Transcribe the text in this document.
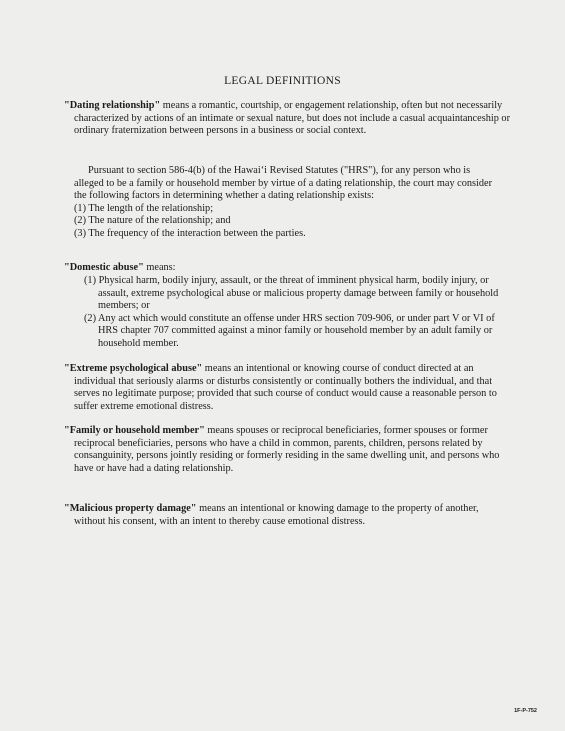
LEGAL DEFINITIONS
"Dating relationship" means a romantic, courtship, or engagement relationship, often but not necessarily characterized by actions of an intimate or sexual nature, but does not include a casual acquaintanceship or ordinary fraternization between persons in a business or social context.
Pursuant to section 586-4(b) of the Hawaiʻi Revised Statutes ("HRS"), for any person who is alleged to be a family or household member by virtue of a dating relationship, the court may consider the following factors in determining whether a dating relationship exists:
(1) The length of the relationship;
(2) The nature of the relationship; and
(3) The frequency of the interaction between the parties.
"Domestic abuse" means:
(1) Physical harm, bodily injury, assault, or the threat of imminent physical harm, bodily injury, or assault, extreme psychological abuse or malicious property damage between family or household members; or
(2) Any act which would constitute an offense under HRS section 709-906, or under part V or VI of HRS chapter 707 committed against a minor family or household member by an adult family or household member.
"Extreme psychological abuse" means an intentional or knowing course of conduct directed at an individual that seriously alarms or disturbs consistently or continually bothers the individual, and that serves no legitimate purpose; provided that such course of conduct would cause a reasonable person to suffer extreme emotional distress.
"Family or household member" means spouses or reciprocal beneficiaries, former spouses or former reciprocal beneficiaries, persons who have a child in common, parents, children, persons related by consanguinity, persons jointly residing or formerly residing in the same dwelling unit, and persons who have or have had a dating relationship.
"Malicious property damage" means an intentional or knowing damage to the property of another, without his consent, with an intent to thereby cause emotional distress.
1F-P-752
